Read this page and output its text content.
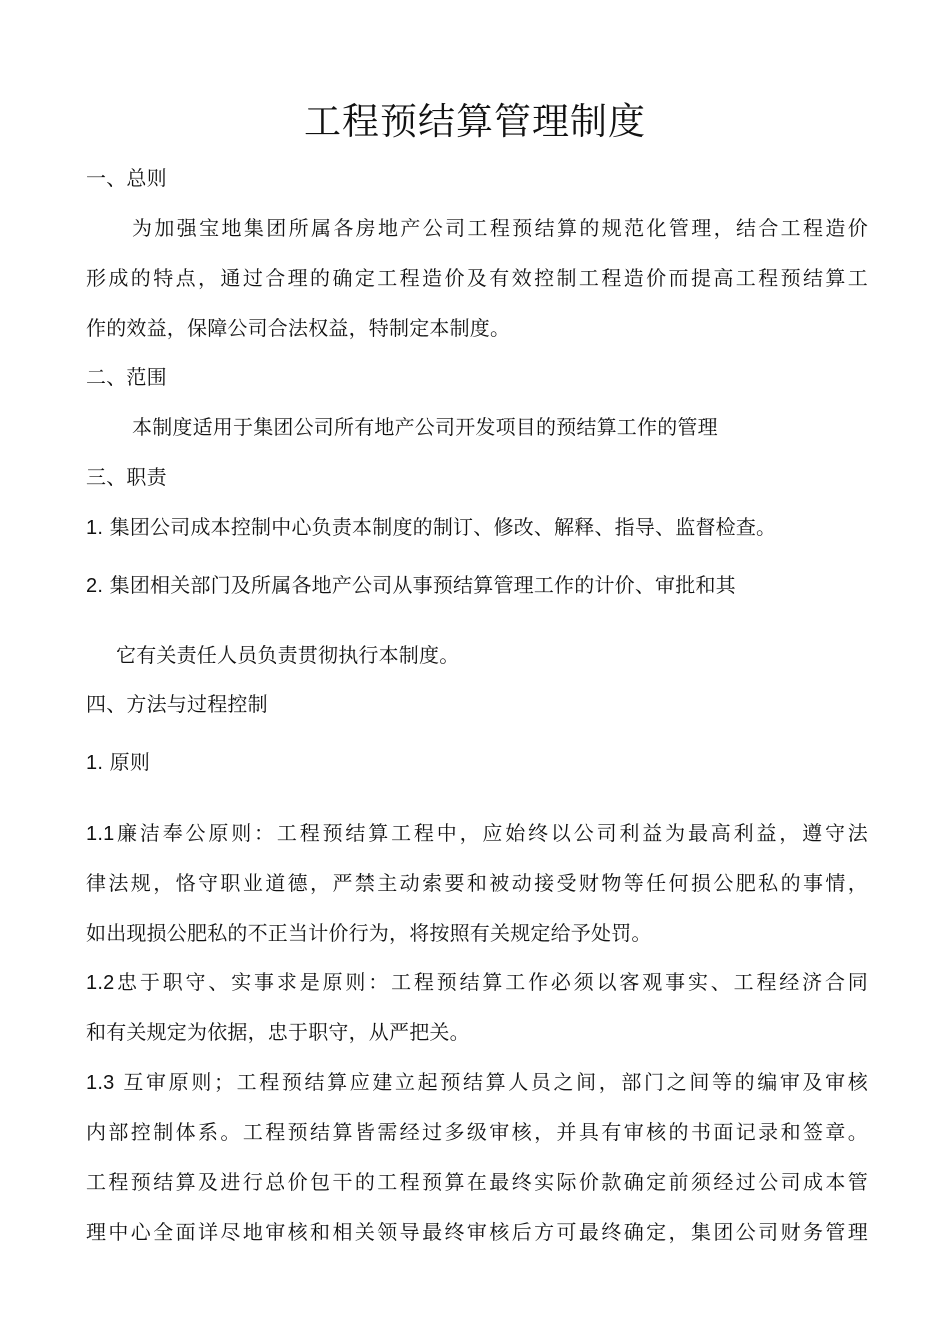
工程预结算管理制度

一、总则

为加强宝地集团所属各房地产公司工程预结算的规范化管理，结合工程造价

形成的特点，通过合理的确定工程造价及有效控制工程造价而提高工程预结算工

作的效益，保障公司合法权益，特制定本制度。

二、范围

本制度适用于集团公司所有地产公司开发项目的预结算工作的管理

三、职责

1. 集团公司成本控制中心负责本制度的制订、修改、解释、指导、监督检查。

2. 集团相关部门及所属各地产公司从事预结算管理工作的计价、审批和其

它有关责任人员负责贯彻执行本制度。

四、方法与过程控制

1. 原则

1.1廉洁奉公原则：工程预结算工程中，应始终以公司利益为最高利益，遵守法

律法规，恪守职业道德，严禁主动索要和被动接受财物等任何损公肥私的事情，

如出现损公肥私的不正当计价行为，将按照有关规定给予处罚。

1.2忠于职守、实事求是原则：工程预结算工作必须以客观事实、工程经济合同

和有关规定为依据，忠于职守，从严把关。

1.3 互审原则；工程预结算应建立起预结算人员之间，部门之间等的编审及审核

内部控制体系。工程预结算皆需经过多级审核，并具有审核的书面记录和签章。

工程预结算及进行总价包干的工程预算在最终实际价款确定前须经过公司成本管

理中心全面详尽地审核和相关领导最终审核后方可最终确定，集团公司财务管理
